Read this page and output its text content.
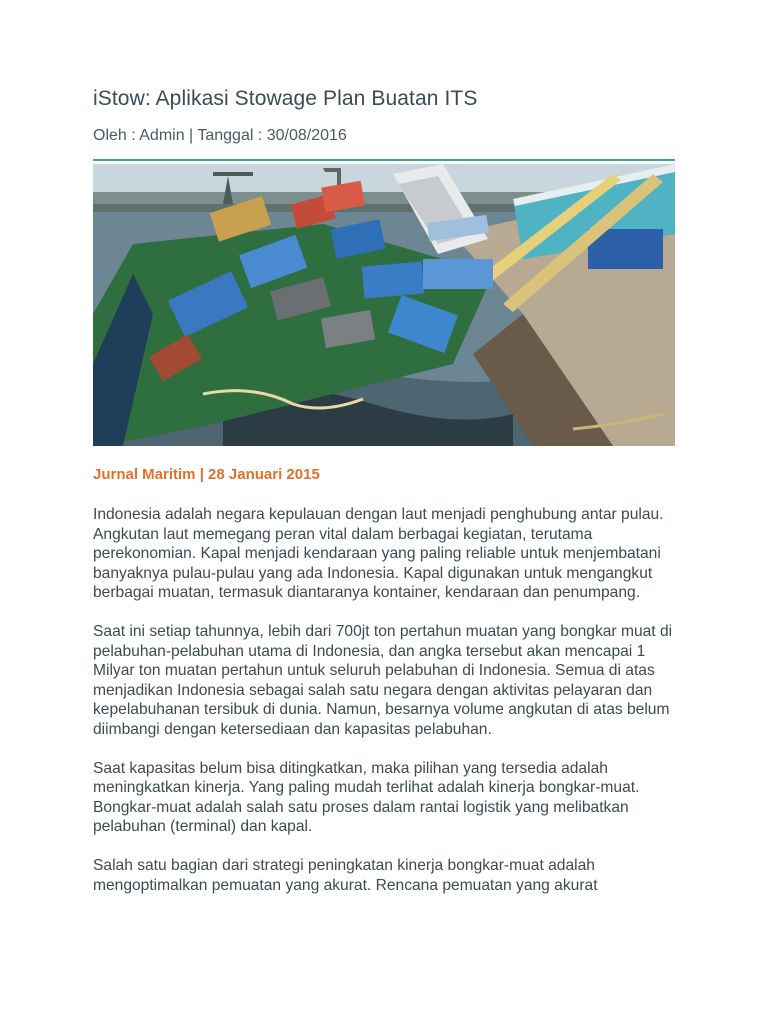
iStow: Aplikasi Stowage Plan Buatan ITS
Oleh : Admin | Tanggal : 30/08/2016
Jurnal Maritim | 28 Januari 2015

Indonesia adalah negara kepulauan dengan laut menjadi penghubung antar pulau. Angkutan laut memegang peran vital dalam berbagai kegiatan, terutama perekonomian. Kapal menjadi kendaraan yang paling reliable untuk menjembatani banyaknya pulau-pulau yang ada Indonesia. Kapal digunakan untuk mengangkut berbagai muatan, termasuk diantaranya kontainer, kendaraan dan penumpang.

Saat ini setiap tahunnya, lebih dari 700jt ton pertahun muatan yang bongkar muat di pelabuhan-pelabuhan utama di Indonesia, dan angka tersebut akan mencapai 1 Milyar ton muatan pertahun untuk seluruh pelabuhan di Indonesia. Semua di atas menjadikan Indonesia sebagai salah satu negara dengan aktivitas pelayaran dan kepelabuhanan tersibuk di dunia. Namun, besarnya volume angkutan di atas belum diimbangi dengan ketersediaan dan kapasitas pelabuhan.

Saat kapasitas belum bisa ditingkatkan, maka pilihan yang tersedia adalah meningkatkan kinerja. Yang paling mudah terlihat adalah kinerja bongkar-muat. Bongkar-muat adalah salah satu proses dalam rantai logistik yang melibatkan pelabuhan (terminal) dan kapal.

Salah satu bagian dari strategi peningkatan kinerja bongkar-muat adalah mengoptimalkan pemuatan yang akurat. Rencana pemuatan yang akurat
